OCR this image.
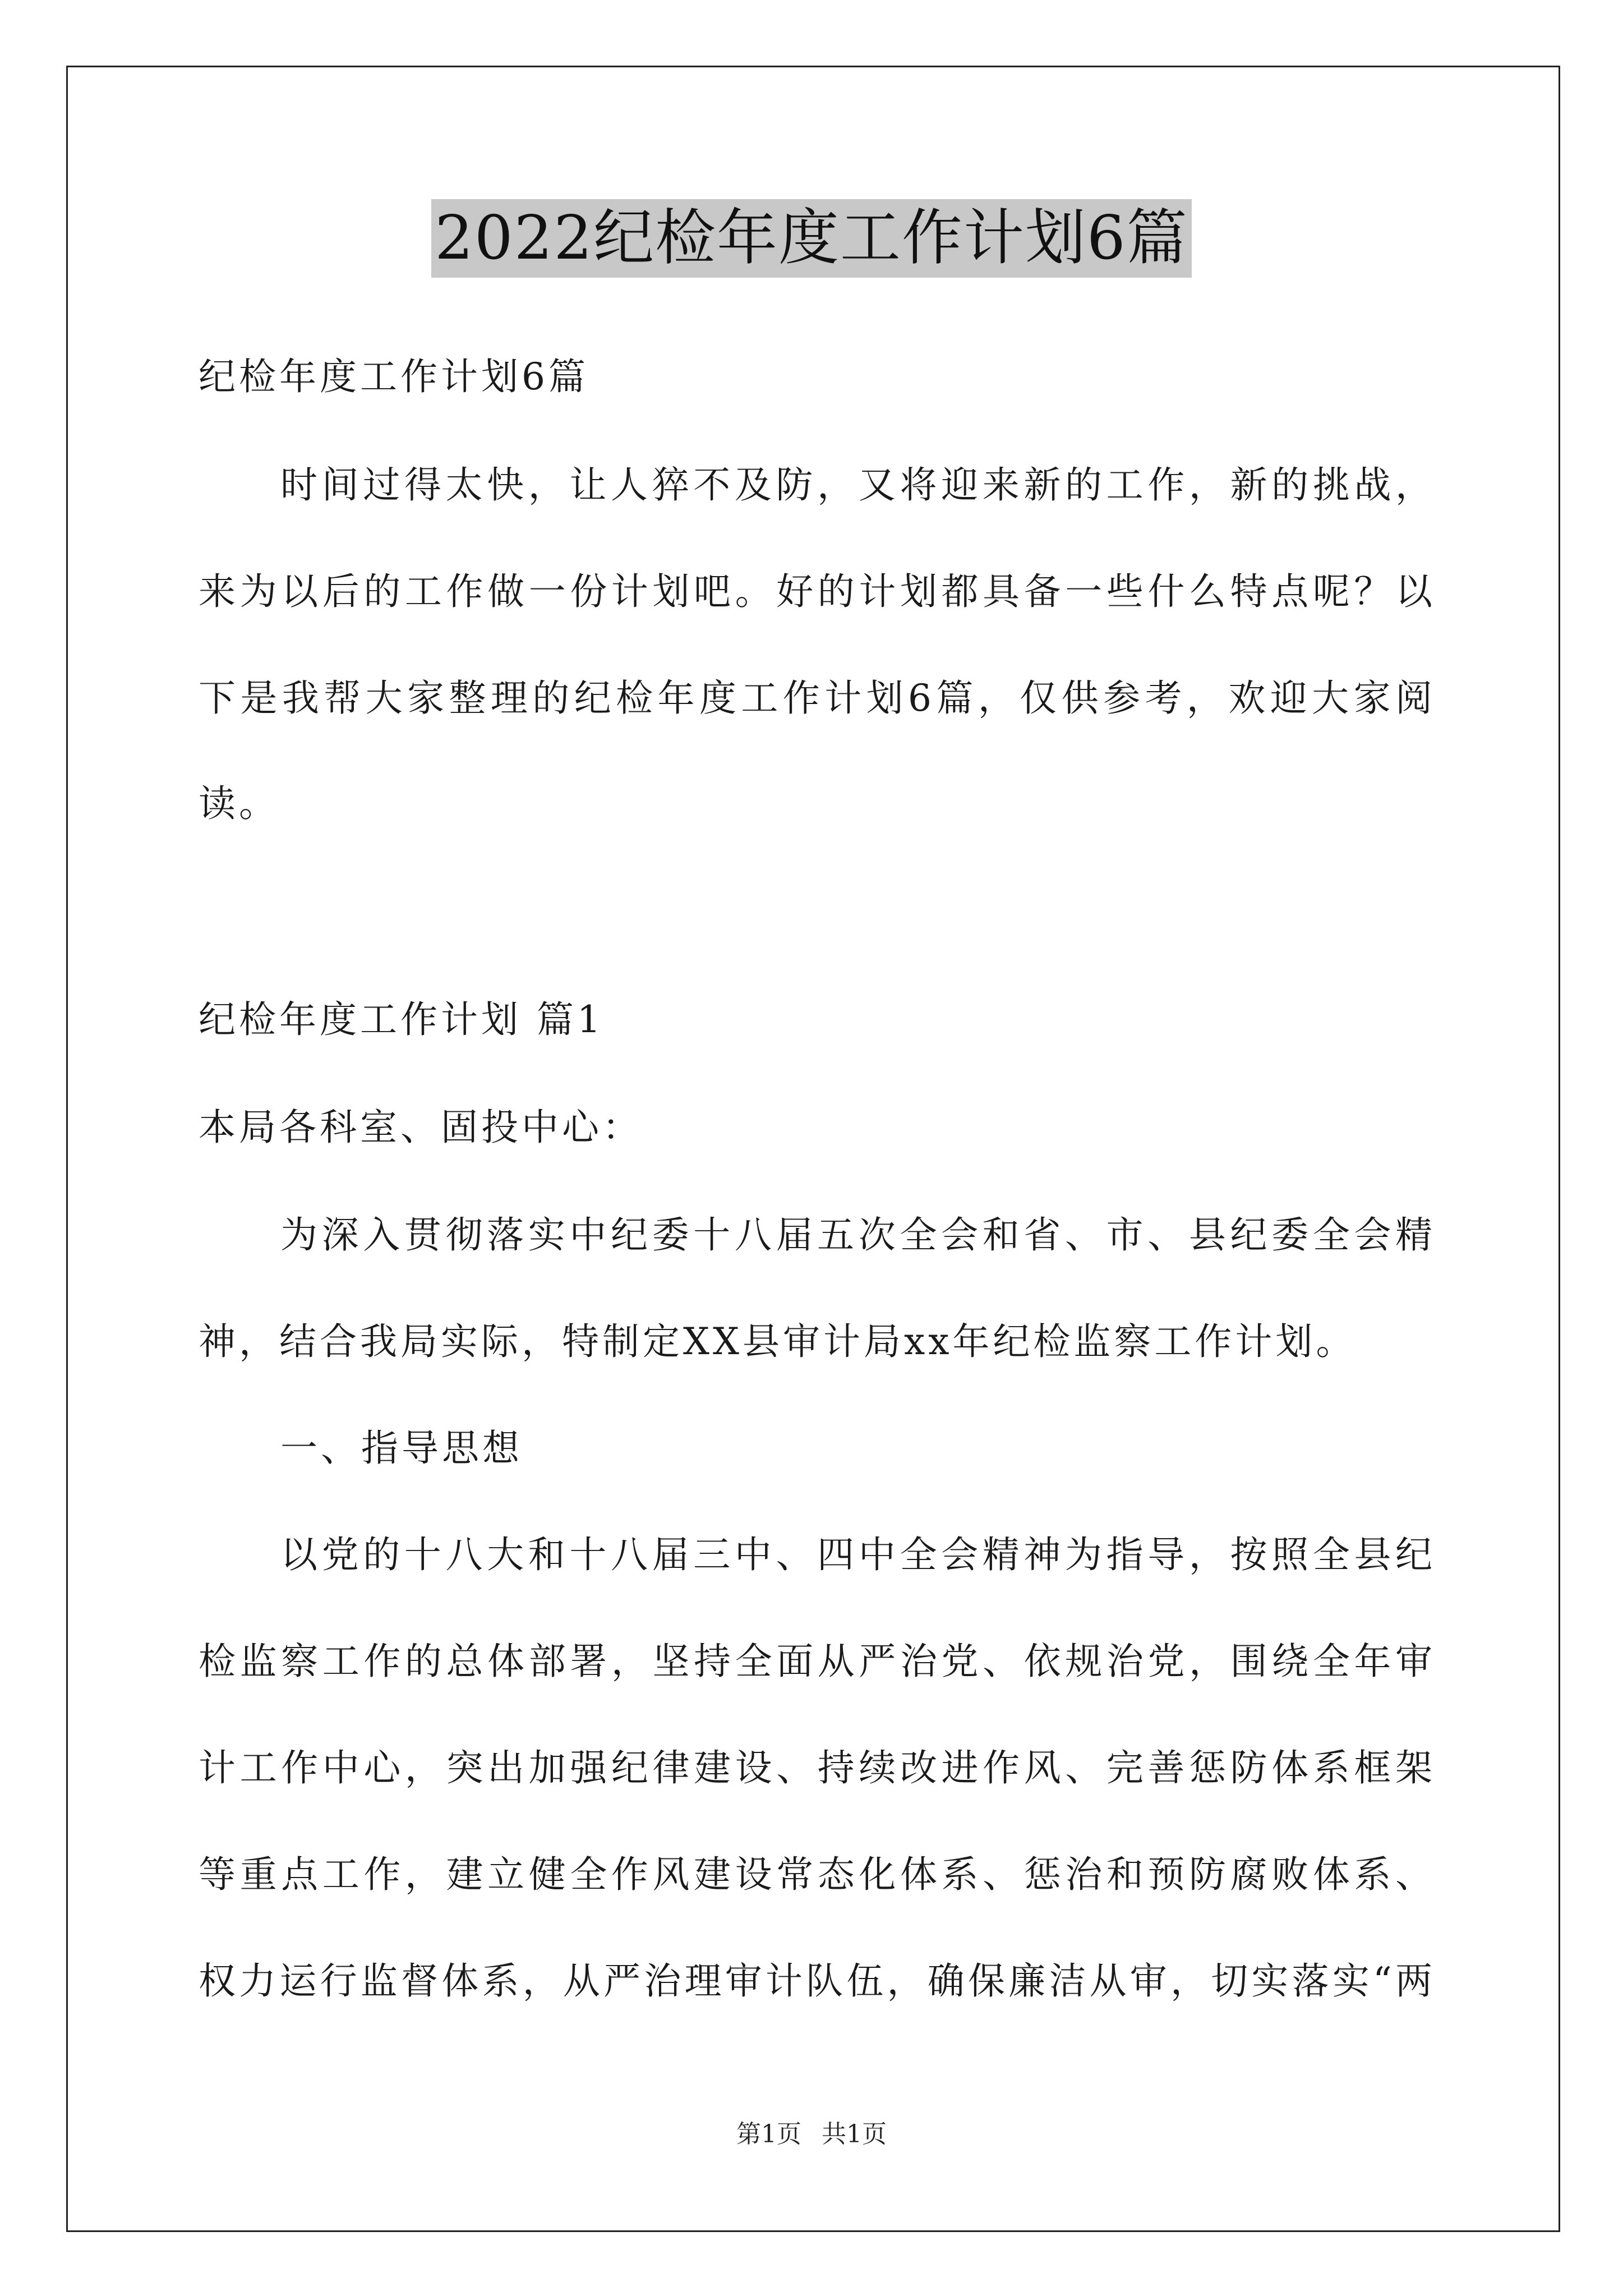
2022纪检年度工作计划6篇
纪检年度工作计划6篇
时间过得太快，让人猝不及防，又将迎来新的工作，新的挑战，
来为以后的工作做一份计划吧。好的计划都具备一些什么特点呢？以
下是我帮大家整理的纪检年度工作计划6篇，仅供参考，欢迎大家阅
读。
纪检年度工作计划 篇1
本局各科室、固投中心：
为深入贯彻落实中纪委十八届五次全会和省、市、县纪委全会精
神，结合我局实际，特制定XX县审计局xx年纪检监察工作计划。
一、指导思想
以党的十八大和十八届三中、四中全会精神为指导，按照全县纪
检监察工作的总体部署，坚持全面从严治党、依规治党，围绕全年审
计工作中心，突出加强纪律建设、持续改进作风、完善惩防体系框架
等重点工作，建立健全作风建设常态化体系、惩治和预防腐败体系、
权力运行监督体系，从严治理审计队伍，确保廉洁从审，切实落实“两
第1页 共1页
